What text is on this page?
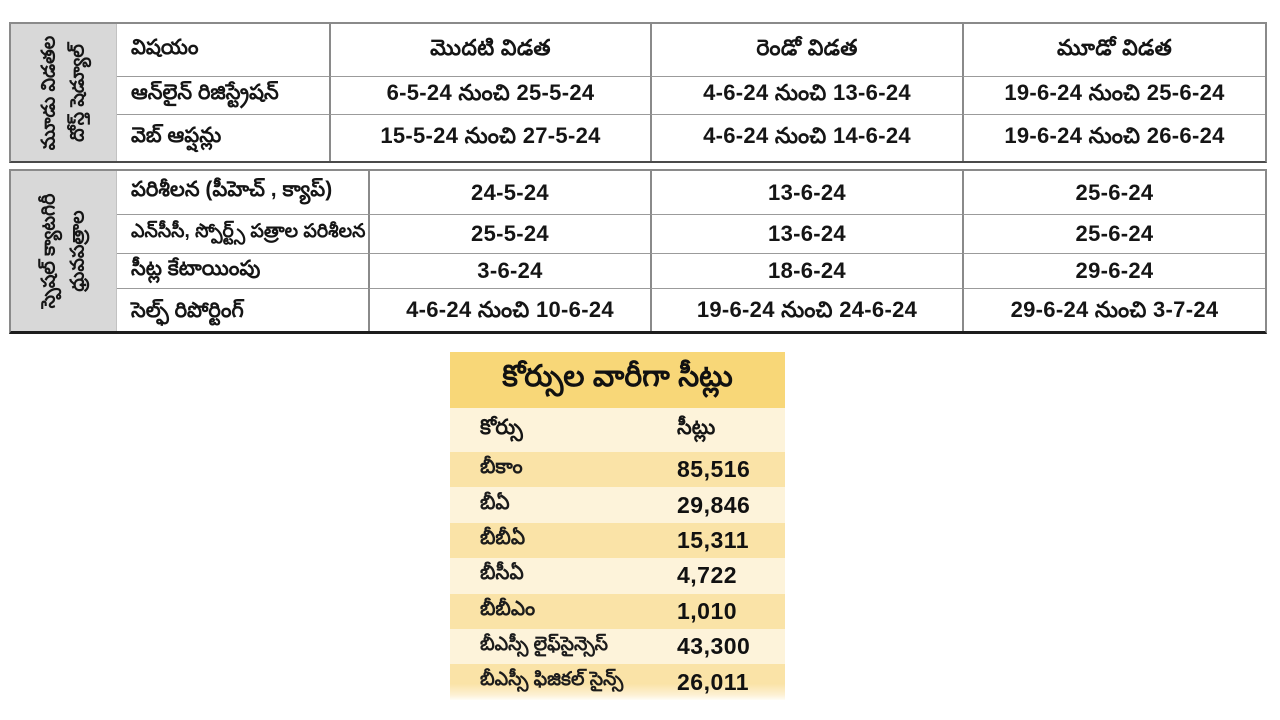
మూడు విడతల దోస్త్ షెడ్యూల్	విషయం	మొదటి విడత	రెండో విడత	మూడో విడత
ఆన్‌లైన్ రిజిస్ట్రేషన్	6-5-24 నుంచి 25-5-24	4-6-24 నుంచి 13-6-24	19-6-24 నుంచి 25-6-24
వెబ్ ఆప్షన్లు	15-5-24 నుంచి 27-5-24	4-6-24 నుంచి 14-6-24	19-6-24 నుంచి 26-6-24
స్పెషల్ క్యాటగిరీ ధ్రువపత్రాల
పరిశీలన (పీహెచ్ , క్యాప్)	24-5-24	13-6-24	25-6-24
ఎన్‌సీసీ, స్పోర్ట్స్ పత్రాల పరిశీలన	25-5-24	13-6-24	25-6-24
సీట్ల కేటాయింపు	3-6-24	18-6-24	29-6-24
సెల్ఫ్ రిపోర్టింగ్	4-6-24 నుంచి 10-6-24	19-6-24 నుంచి 24-6-24	29-6-24 నుంచి 3-7-24
కోర్సుల వారీగా సీట్లు
కోర్సు	సీట్లు
బీకాం	85,516
బీఏ	29,846
బీబీఏ	15,311
బీసీఏ	4,722
బీబీఎం	1,010
బీఎస్సీ లైఫ్‌సైన్సెస్	43,300
బీఎస్సీ ఫిజికల్ సైన్స్	26,011
